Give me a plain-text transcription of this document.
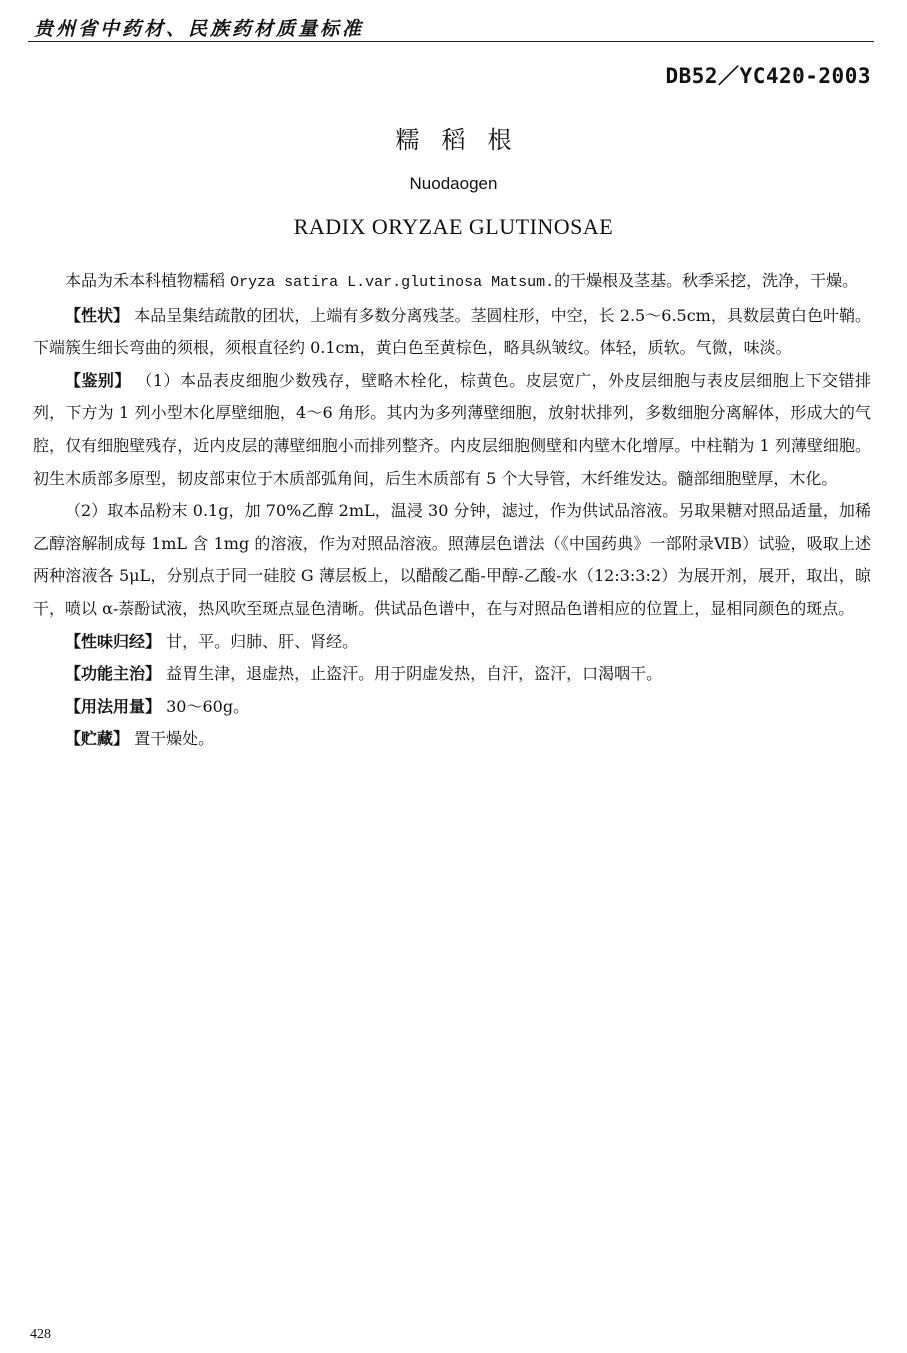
贵州省中药材、民族药材质量标准
DB52／YC420-2003
糯稻根
Nuodaogen
RADIX ORYZAE GLUTINOSAE

本品为禾本科植物糯稻 Oryza satira L.var.glutinosa Matsum.的干燥根及茎基。秋季采挖，洗净，干燥。

【性状】 本品呈集结疏散的团状，上端有多数分离残茎。茎圆柱形，中空，长 2.5～6.5cm，具数层黄白色叶鞘。下端簇生细长弯曲的须根，须根直径约 0.1cm，黄白色至黄棕色，略具纵皱纹。体轻，质软。气微，味淡。

【鉴别】 （1）本品表皮细胞少数残存，壁略木栓化，棕黄色。皮层宽广，外皮层细胞与表皮层细胞上下交错排列，下方为 1 列小型木化厚壁细胞，4～6 角形。其内为多列薄壁细胞，放射状排列，多数细胞分离解体，形成大的气腔，仅有细胞壁残存，近内皮层的薄壁细胞小而排列整齐。内皮层细胞侧壁和内壁木化增厚。中柱鞘为 1 列薄壁细胞。初生木质部多原型，韧皮部束位于木质部弧角间，后生木质部有 5 个大导管，木纤维发达。髓部细胞壁厚，木化。

（2）取本品粉末 0.1g，加 70%乙醇 2mL，温浸 30 分钟，滤过，作为供试品溶液。另取果糖对照品适量，加稀乙醇溶解制成每 1mL 含 1mg 的溶液，作为对照品溶液。照薄层色谱法（《中国药典》一部附录ⅥB）试验，吸取上述两种溶液各 5μL，分别点于同一硅胶 G 薄层板上，以醋酸乙酯-甲醇-乙酸-水（12:3:3:2）为展开剂，展开，取出，晾干，喷以 α-萘酚试液，热风吹至斑点显色清晰。供试品色谱中，在与对照品色谱相应的位置上，显相同颜色的斑点。

【性味归经】 甘，平。归肺、肝、肾经。

【功能主治】 益胃生津，退虚热，止盗汗。用于阴虚发热，自汗，盗汗，口渴咽干。

【用法用量】 30～60g。

【贮藏】 置干燥处。

428
